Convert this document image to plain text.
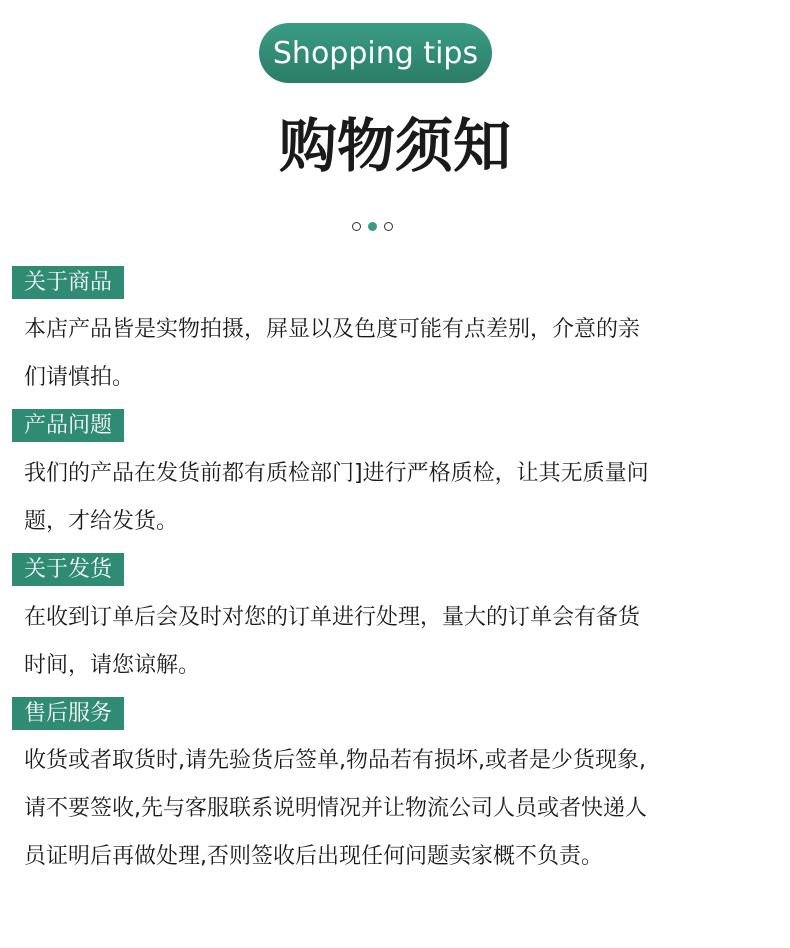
Shopping tips
购物须知
关于商品
本店产品皆是实物拍摄，屏显以及色度可能有点差别，介意的亲
们请慎拍。
产品问题
我们的产品在发货前都有质检部门]进行严格质检，让其无质量问
题，才给发货。
关于发货
在收到订单后会及时对您的订单进行处理，量大的订单会有备货
时间，请您谅解。
售后服务
收货或者取货时,请先验货后签单,物品若有损坏,或者是少货现象,
请不要签收,先与客服联系说明情况并让物流公司人员或者快递人
员证明后再做处理,否则签收后出现任何问题卖家概不负责。
